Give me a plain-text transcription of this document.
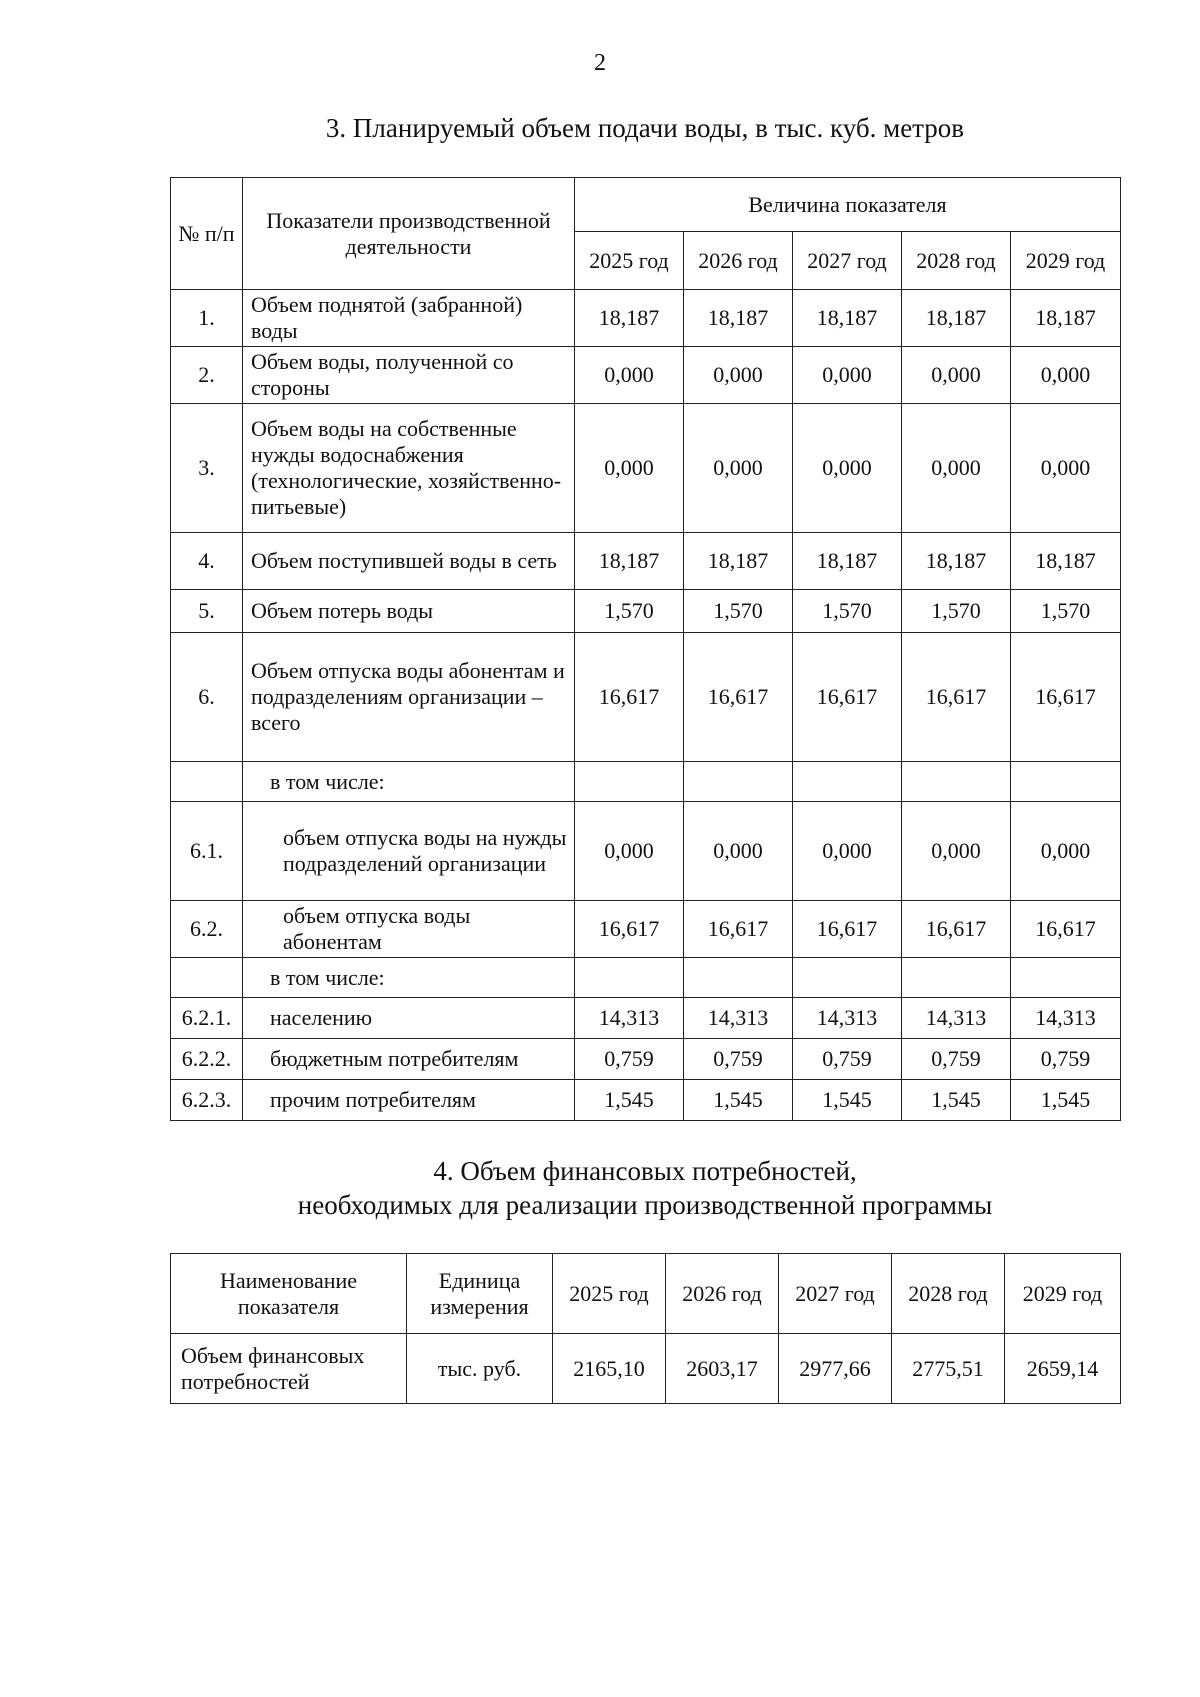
2
3. Планируемый объем подачи воды, в тыс. куб. метров
№ п/п	Показатели производственной деятельности	Величина показателя				
		2025 год	2026 год	2027 год	2028 год	2029 год
1.	Объем поднятой (забранной) воды	18,187	18,187	18,187	18,187	18,187
2.	Объем воды, полученной со стороны	0,000	0,000	0,000	0,000	0,000
3.	Объем воды на собственные нужды водоснабжения (технологические, хозяйственно-питьевые)	0,000	0,000	0,000	0,000	0,000
4.	Объем поступившей воды в сеть	18,187	18,187	18,187	18,187	18,187
5.	Объем потерь воды	1,570	1,570	1,570	1,570	1,570
6.	Объем отпуска воды абонентам и подразделениям организации – всего	16,617	16,617	16,617	16,617	16,617
	в том числе:					
6.1.	объем отпуска воды на нужды подразделений организации	0,000	0,000	0,000	0,000	0,000
6.2.	объем отпуска воды абонентам	16,617	16,617	16,617	16,617	16,617
	в том числе:					
6.2.1.	населению	14,313	14,313	14,313	14,313	14,313
6.2.2.	бюджетным потребителям	0,759	0,759	0,759	0,759	0,759
6.2.3.	прочим потребителям	1,545	1,545	1,545	1,545	1,545
4. Объем финансовых потребностей,
необходимых для реализации производственной программы
Наименование показателя	Единица измерения	2025 год	2026 год	2027 год	2028 год	2029 год
Объем финансовых потребностей	тыс. руб.	2165,10	2603,17	2977,66	2775,51	2659,14
